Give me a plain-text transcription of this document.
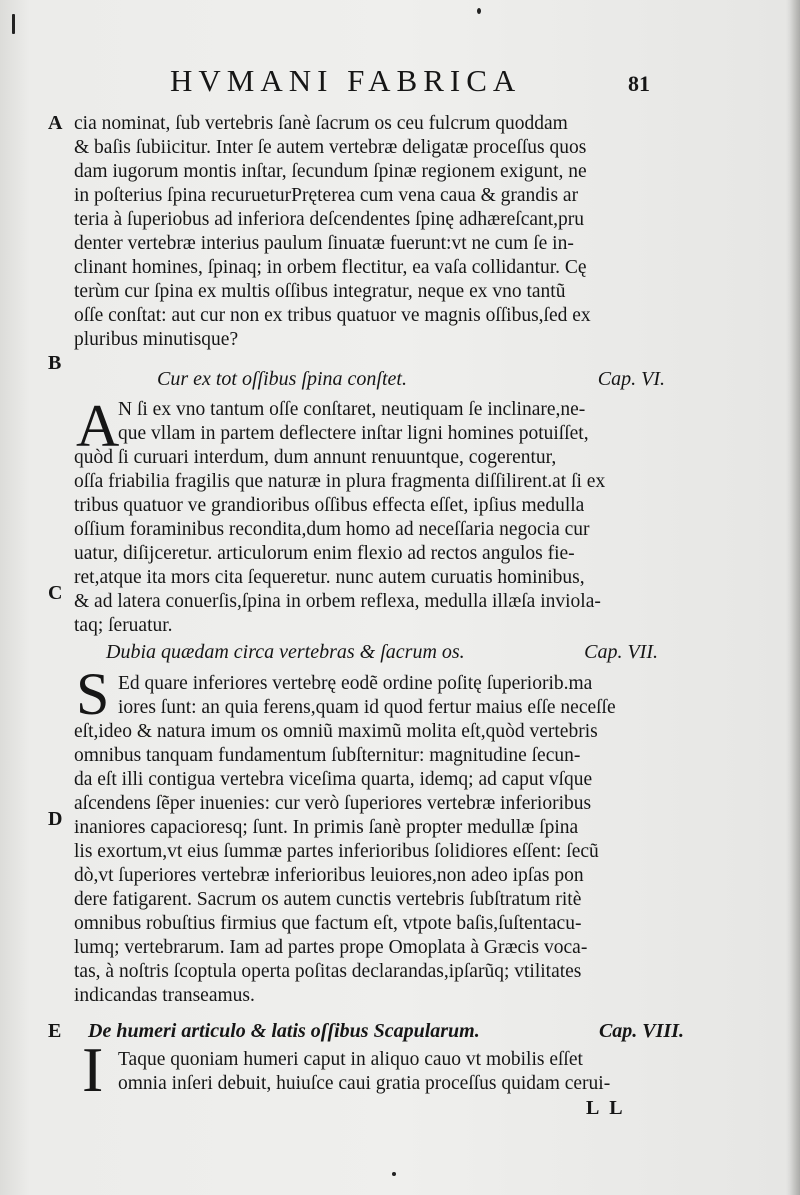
HVMANI FABRICA	81
A cia nominat, ſub vertebris ſanè ſacrum os ceu fulcrum quoddam
& baſis ſubiicitur. Inter ſe autem vertebræ deligatæ proceſſus quos
dam iugorum montis inſtar, ſecundum ſpinæ regionem exigunt, ne
in poſterius ſpina recurueturPręterea cum vena caua & grandis ar
teria à ſuperiobus ad inferiora deſcendentes ſpinę adhæreſcant,pru
denter vertebræ interius paulum ſinuatæ fuerunt:vt ne cum ſe in-
clinant homines, ſpinaq; in orbem flectitur, ea vaſa collidantur. Cę
terùm cur ſpina ex multis oſſibus integratur, neque ex vno tantũ
oſſe conſtat: aut cur non ex tribus quatuor ve magnis oſſibus,ſed ex
pluribus minutisque?
B
Cur ex tot oſſibus ſpina conſtet.	Cap. VI.
A
N ſi ex vno tantum oſſe conſtaret, neutiquam ſe inclinare,ne-
que vllam in partem deflectere inſtar ligni homines potuiſſet,
quòd ſi curuari interdum, dum annunt renuuntque, cogerentur,
oſſa friabilia fragilis que naturæ in plura fragmenta diſſilirent.at ſi ex
tribus quatuor ve grandioribus oſſibus effecta eſſet, ipſius medulla
oſſium foraminibus recondita,dum homo ad neceſſaria negocia cur
uatur, diſijceretur. articulorum enim flexio ad rectos angulos fie-
ret,atque ita mors cita ſequeretur. nunc autem curuatis hominibus,
C & ad latera conuerſis,ſpina in orbem reflexa, medulla illæſa inviola-
taq; ſeruatur.
Dubia quædam circa vertebras & ſacrum os.	Cap. VII.
S Ed quare inferiores vertebrę eodẽ ordine poſitę ſuperiorib.ma
iores ſunt: an quia ferens,quam id quod fertur maius eſſe neceſſe
eſt,ideo & natura imum os omniũ maximũ molita eſt,quòd vertebris
omnibus tanquam fundamentum ſubſternitur: magnitudine ſecun-
da eſt illi contigua vertebra viceſima quarta, idemq; ad caput vſque
aſcendens ſẽper inuenies: cur verò ſuperiores vertebræ inferioribus
D inaniores capacioresq; ſunt. In primis ſanè propter medullæ ſpina
lis exortum,vt eius ſummæ partes inferioribus ſolidiores eſſent: ſecũ
dò,vt ſuperiores vertebræ inferioribus leuiores,non adeo ipſas pon
dere fatigarent. Sacrum os autem cunctis vertebris ſubſtratum ritè
omnibus robuſtius firmius que factum eſt, vtpote baſis,ſuſtentacu-
lumq; vertebrarum. Iam ad partes prope Omoplata à Græcis voca-
tas, à noſtris ſcoptula operta poſitas declarandas,ipſarũq; vtilitates
indicandas transeamus.
E De humeri articulo & latis oſſibus Scapularum.	Cap. VIII.
I Taque quoniam humeri caput in aliquo cauo vt mobilis eſſet
omnia inſeri debuit, huiuſce caui gratia proceſſus quidam cerui-
L L
